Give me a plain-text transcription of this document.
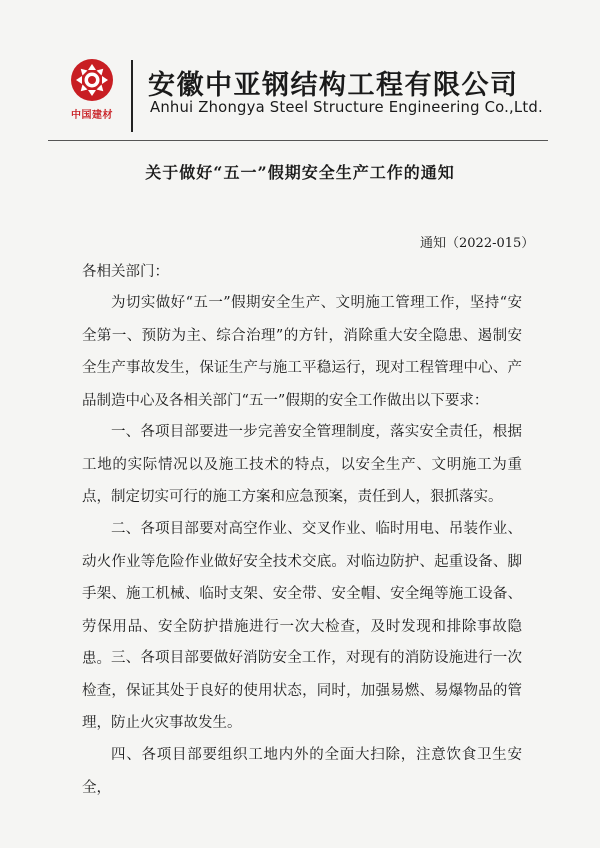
中国建材
安徽中亚钢结构工程有限公司
Anhui Zhongya Steel Structure Engineering Co.,Ltd.
关于做好“五一”假期安全生产工作的通知
通知（2022-015）
各相关部门：

为切实做好“五一”假期安全生产、文明施工管理工作，坚持“安全第一、预防为主、综合治理”的方针，消除重大安全隐患、遏制安全生产事故发生，保证生产与施工平稳运行，现对工程管理中心、产品制造中心及各相关部门“五一”假期的安全工作做出以下要求：

一、各项目部要进一步完善安全管理制度，落实安全责任，根据工地的实际情况以及施工技术的特点，以安全生产、文明施工为重点，制定切实可行的施工方案和应急预案，责任到人，狠抓落实。

二、各项目部要对高空作业、交叉作业、临时用电、吊装作业、动火作业等危险作业做好安全技术交底。对临边防护、起重设备、脚手架、施工机械、临时支架、安全带、安全帽、安全绳等施工设备、劳保用品、安全防护措施进行一次大检查，及时发现和排除事故隐患。 三、各项目部要做好消防安全工作，对现有的消防设施进行一次检查，保证其处于良好的使用状态，同时，加强易燃、易爆物品的管理，防止火灾事故发生。

四、各项目部要组织工地内外的全面大扫除，注意饮食卫生安全，
